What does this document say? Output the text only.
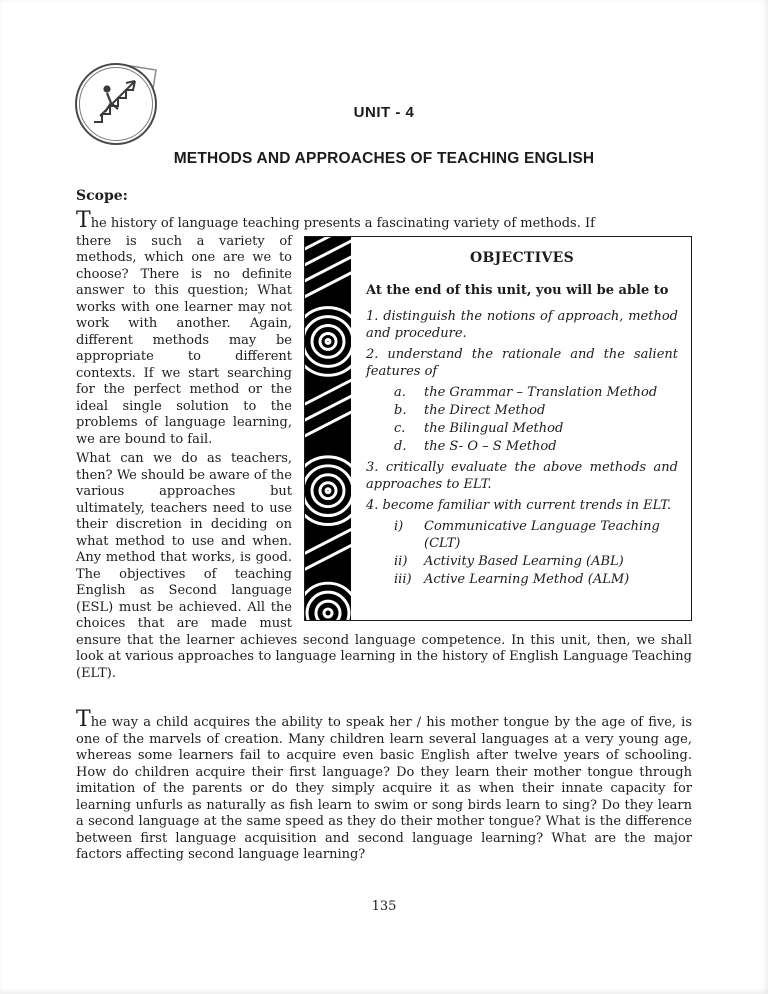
UNIT - 4
METHODS AND APPROACHES OF TEACHING ENGLISH
Scope:

The history of language teaching presents a fascinating variety of methods. If

OBJECTIVES
At the end of this unit, you will be able to
1. distinguish the notions of approach, method and procedure.
2. understand the rationale and the salient features of
a.	the Grammar – Translation Method
b.	the Direct Method
c.	the Bilingual Method
d.	the S- O – S Method
3. critically evaluate the above methods and approaches to ELT.
4. become familiar with current trends in ELT.
i)	Communicative Language Teaching (CLT)
ii)	Activity Based Learning (ABL)
iii) Active Learning Method (ALM)

there is such a variety of methods, which one are we to choose? There is no definite answer to this question; What works with one learner may not work with another. Again, different methods may be appropriate to different contexts. If we start searching for the perfect method or the ideal single solution to the problems of language learning, we are bound to fail.

What can we do as teachers, then? We should be aware of the various approaches but ultimately, teachers need to use their discretion in deciding on what method to use and when. Any method that works, is good. The objectives of teaching English as Second language (ESL) must be achieved. All the choices that are made must ensure that the learner achieves second language competence. In this unit, then, we shall look at various approaches to language learning in the history of English Language Teaching (ELT).

The way a child acquires the ability to speak her / his mother tongue by the age of five, is one of the marvels of creation. Many children learn several languages at a very young age, whereas some learners fail to acquire even basic English after twelve years of schooling. How do children acquire their first language? Do they learn their mother tongue through imitation of the parents or do they simply acquire it as when their innate capacity for learning unfurls as naturally as fish learn to swim or song birds learn to sing? Do they learn a second language at the same speed as they do their mother tongue? What is the difference between first language acquisition and second language learning? What are the major factors affecting second language learning?

135
